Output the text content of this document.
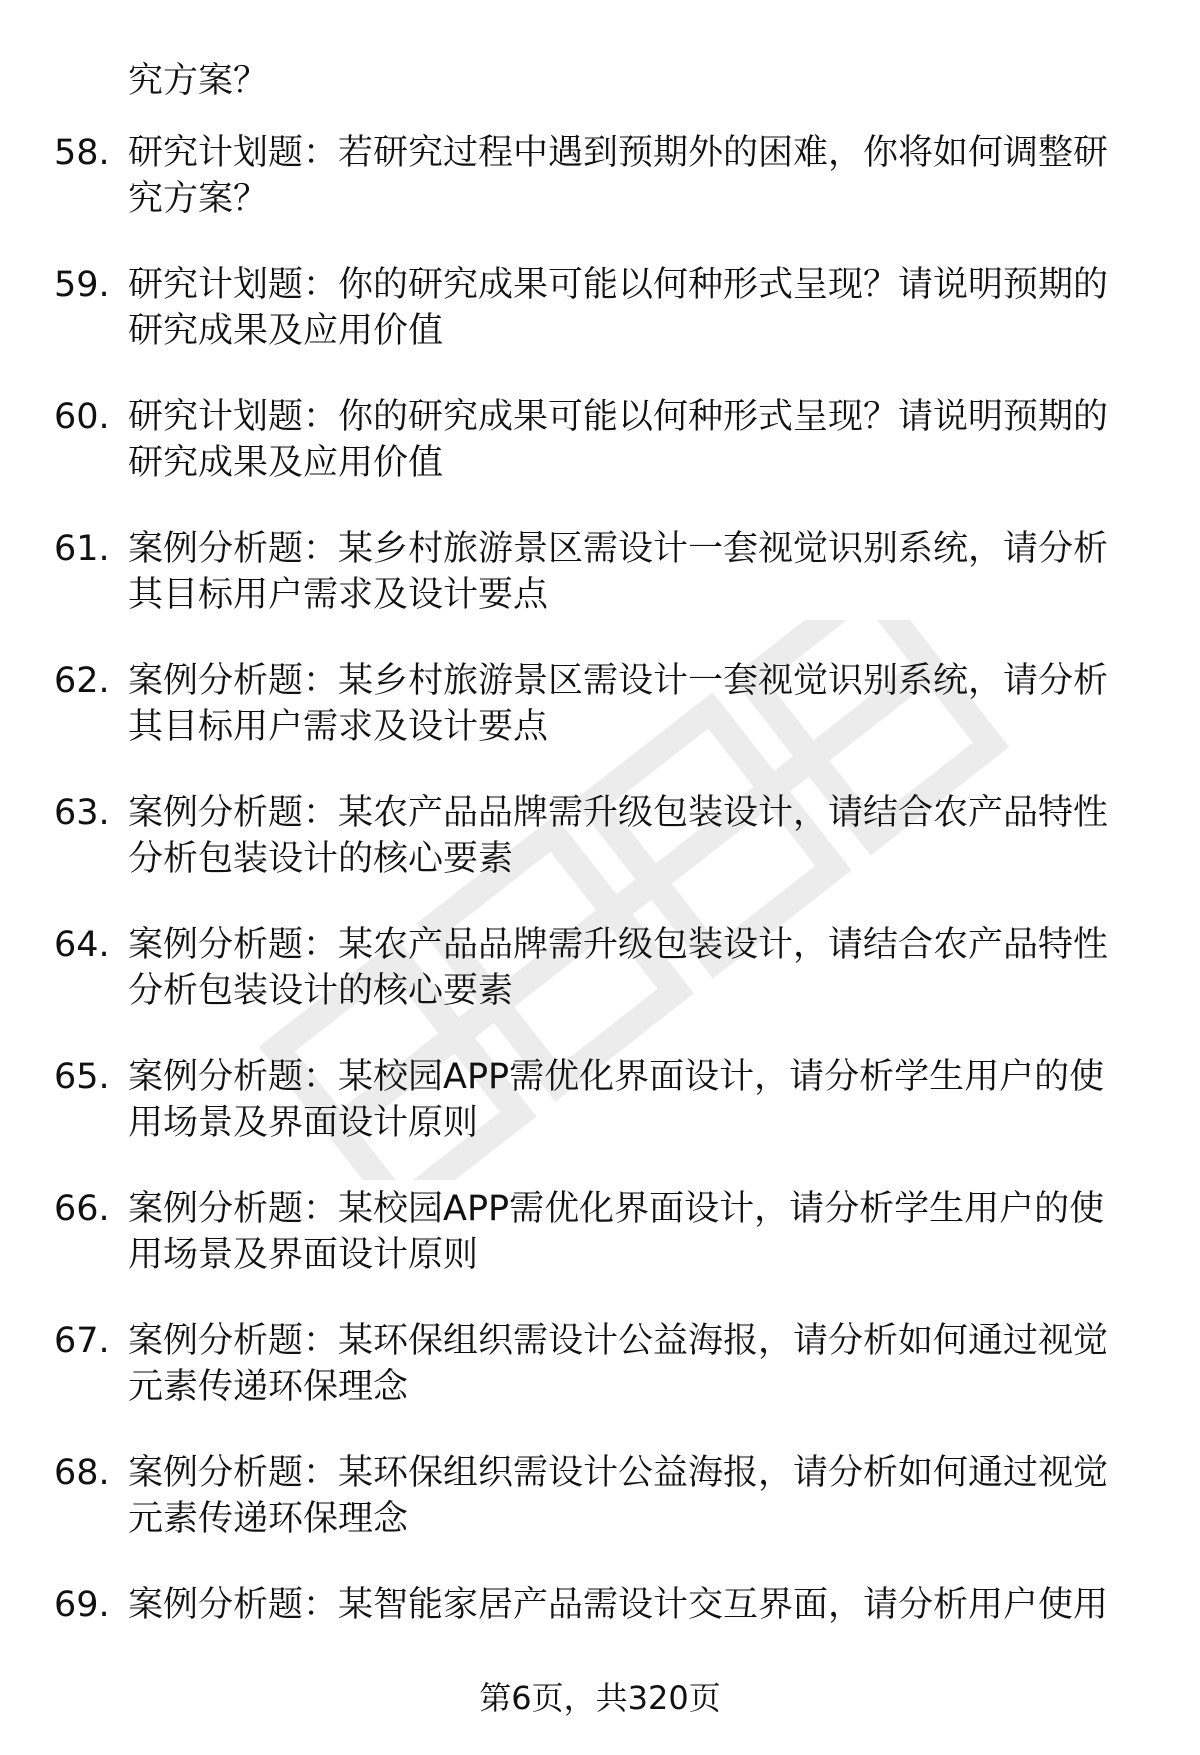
究方案？

58. 研究计划题：若研究过程中遇到预期外的困难，你将如何调整研
究方案？
59. 研究计划题：你的研究成果可能以何种形式呈现？请说明预期的
研究成果及应用价值
60. 研究计划题：你的研究成果可能以何种形式呈现？请说明预期的
研究成果及应用价值
61. 案例分析题：某乡村旅游景区需设计一套视觉识别系统，请分析
其目标用户需求及设计要点
62. 案例分析题：某乡村旅游景区需设计一套视觉识别系统，请分析
其目标用户需求及设计要点
63. 案例分析题：某农产品品牌需升级包装设计，请结合农产品特性
分析包装设计的核心要素
64. 案例分析题：某农产品品牌需升级包装设计，请结合农产品特性
分析包装设计的核心要素
65. 案例分析题：某校园APP需优化界面设计，请分析学生用户的使
用场景及界面设计原则
66. 案例分析题：某校园APP需优化界面设计，请分析学生用户的使
用场景及界面设计原则
67. 案例分析题：某环保组织需设计公益海报，请分析如何通过视觉
元素传递环保理念
68. 案例分析题：某环保组织需设计公益海报，请分析如何通过视觉
元素传递环保理念
69. 案例分析题：某智能家居产品需设计交互界面，请分析用户使用
第6页，共320页
